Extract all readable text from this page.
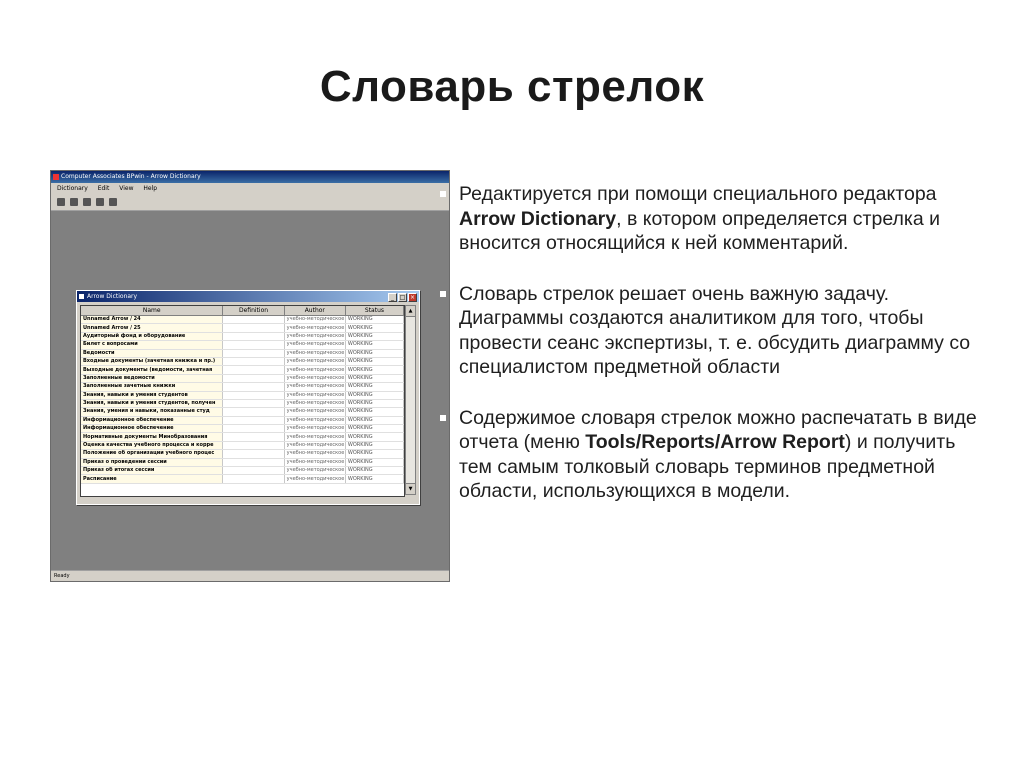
Словарь стрелок
Computer Associates BPwin - Arrow Dictionary
Dictionary Edit View Help

Arrow Dictionary	_ □ ×
Name	Definition	Author	Status
Unnamed Arrow / 24		учебно-методическое	WORKING
Unnamed Arrow / 25		учебно-методическое	WORKING
Аудиторный фонд и оборудование		учебно-методическое	WORKING
Билет с вопросами		учебно-методическое	WORKING
Ведомости		учебно-методическое	WORKING
Входные документы (зачетная книжка и пр.)		учебно-методическое	WORKING
Выходные документы (ведомости, зачетная		учебно-методическое	WORKING
Заполненные ведомости		учебно-методическое	WORKING
Заполненные зачетные книжки		учебно-методическое	WORKING
Знания, навыки и умения студентов		учебно-методическое	WORKING
Знания, навыки и умения студентов, получен		учебно-методическое	WORKING
Знания, умения и навыки, показанные студ		учебно-методическое	WORKING
Информационное обеспечение		учебно-методическое	WORKING
Информационное обеспечение		учебно-методическое	WORKING
Нормативные документы Минобразования		учебно-методическое	WORKING
Оценка качества учебного процесса и корре		учебно-методическое	WORKING
Положение об организации учебного процес		учебно-методическое	WORKING
Приказ о проведении сессии		учебно-методическое	WORKING
Приказ об итогах сессии		учебно-методическое	WORKING
Расписание		учебно-методическое	WORKING
▲
▼
Ready
Редактируется при помощи специального редактора Arrow Dictionary, в котором определяется стрелка и вносится относящийся к ней комментарий.
Словарь стрелок решает очень важную задачу. Диаграммы создаются аналитиком для того, чтобы провести сеанс экспертизы, т. е. обсудить диаграмму со специалистом предметной области
Содержимое словаря стрелок можно распечатать в виде отчета (меню Tools/Reports/Arrow Report) и получить тем самым толковый словарь терминов предметной области, использующихся в модели.
